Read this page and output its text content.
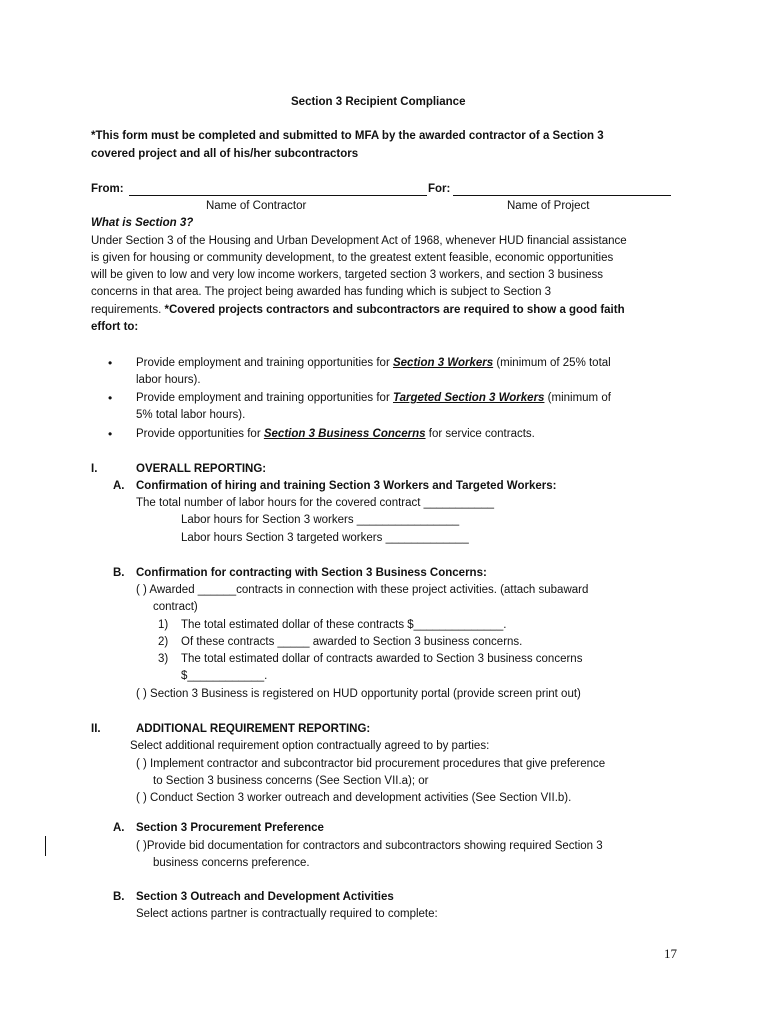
Section 3 Recipient Compliance
*This form must be completed and submitted to MFA by the awarded contractor of a Section 3
covered project and all of his/her subcontractors
From:	For:
Name of Contractor	Name of Project
What is Section 3?
Under Section 3 of the Housing and Urban Development Act of 1968, whenever HUD financial assistance
is given for housing or community development, to the greatest extent feasible, economic opportunities
will be given to low and very low income workers, targeted section 3 workers, and section 3 business
concerns in that area. The project being awarded has funding which is subject to Section 3
requirements. *Covered projects contractors and subcontractors are required to show a good faith
effort to:
• Provide employment and training opportunities for Section 3 Workers (minimum of 25% total
labor hours).
• Provide employment and training opportunities for Targeted Section 3 Workers (minimum of
5% total labor hours).
• Provide opportunities for Section 3 Business Concerns for service contracts.
I.	OVERALL REPORTING:
A. Confirmation of hiring and training Section 3 Workers and Targeted Workers:
The total number of labor hours for the covered contract ___________
Labor hours for Section 3 workers ________________
Labor hours Section 3 targeted workers _____________
B. Confirmation for contracting with Section 3 Business Concerns:
( ) Awarded ______contracts in connection with these project activities. (attach subaward
contract)
1) The total estimated dollar of these contracts $______________.
2) Of these contracts _____ awarded to Section 3 business concerns.
3) The total estimated dollar of contracts awarded to Section 3 business concerns
$____________.
( ) Section 3 Business is registered on HUD opportunity portal (provide screen print out)
II.	ADDITIONAL REQUIREMENT REPORTING:
Select additional requirement option contractually agreed to by parties:
( ) Implement contractor and subcontractor bid procurement procedures that give preference
to Section 3 business concerns (See Section VII.a); or
( ) Conduct Section 3 worker outreach and development activities (See Section VII.b).
A. Section 3 Procurement Preference
( )Provide bid documentation for contractors and subcontractors showing required Section 3
business concerns preference.
B. Section 3 Outreach and Development Activities
Select actions partner is contractually required to complete:
17
